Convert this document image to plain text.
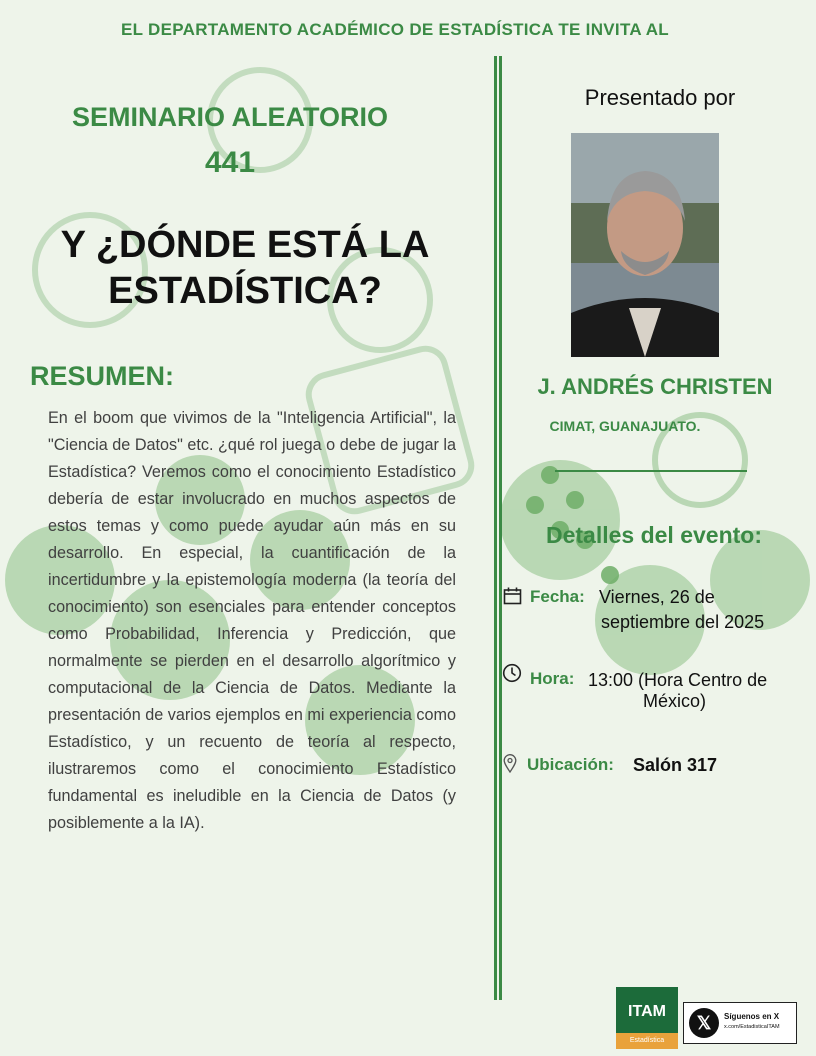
EL DEPARTAMENTO ACADÉMICO DE ESTADÍSTICA TE INVITA AL
SEMINARIO ALEATORIO
441
Y ¿DÓNDE ESTÁ LA
ESTADÍSTICA?
RESUMEN:
En el boom que vivimos de la "Inteligencia Artificial", la "Ciencia de Datos" etc. ¿qué rol juega o debe de jugar la Estadística? Veremos como el conocimiento Estadístico debería de estar involucrado en muchos aspectos de estos temas y como puede ayudar aún más en su desarrollo. En especial, la cuantificación de la incertidumbre y la epistemología moderna (la teoría del conocimiento) son esenciales para entender conceptos como Probabilidad, Inferencia y Predicción, que normalmente se pierden en el desarrollo algorítmico y computacional de la Ciencia de Datos. Mediante la presentación de varios ejemplos en mi experiencia como Estadístico, y un recuento de teoría al respecto, ilustraremos como el conocimiento Estadístico fundamental es ineludible en la Ciencia de Datos (y posiblemente a la IA).
Presentado por
J. ANDRÉS CHRISTEN
CIMAT, GUANAJUATO.
Detalles del evento:
Fecha: Viernes, 26 de
septiembre del 2025
Hora: 13:00 (Hora Centro de
México)
Ubicación: Salón 317
ITAM
Estadística
𝕏	Síguenos en X
x.com/EstadisticaITAM
